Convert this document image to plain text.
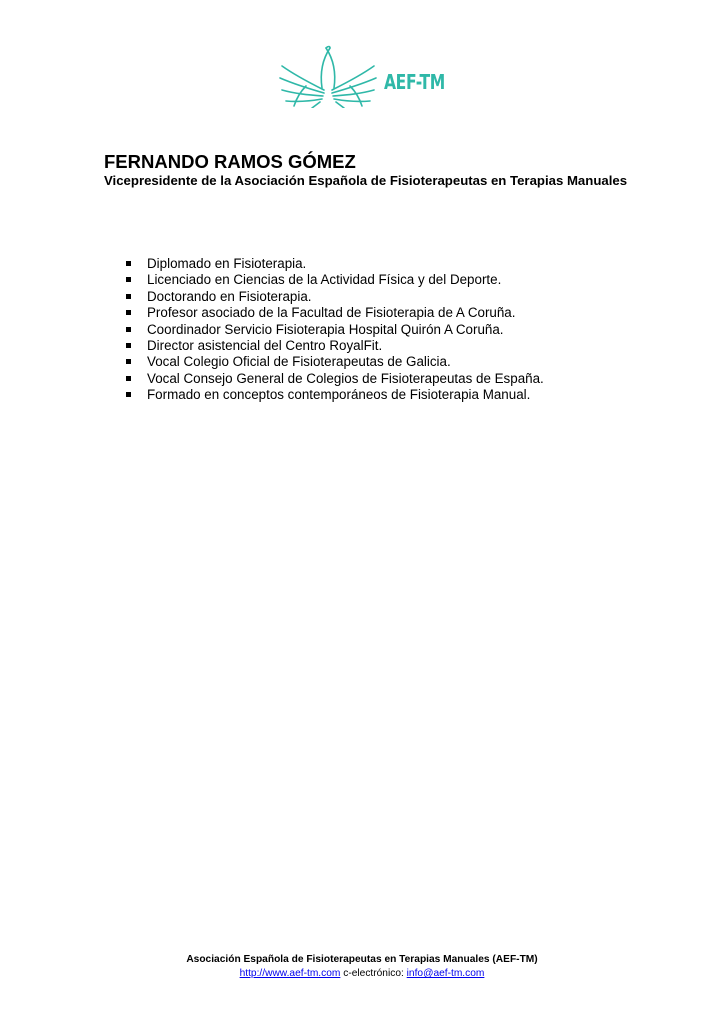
AEF-TM
FERNANDO RAMOS GÓMEZ

Vicepresidente de la Asociación Española de Fisioterapeutas en Terapias Manuales

Diplomado en Fisioterapia.
Licenciado en Ciencias de la Actividad Física y del Deporte.
Doctorando en Fisioterapia.
Profesor asociado de la Facultad de Fisioterapia de A Coruña.
Coordinador Servicio Fisioterapia Hospital Quirón A Coruña.
Director asistencial del Centro RoyalFit.
Vocal Colegio Oficial de Fisioterapeutas de Galicia.
Vocal Consejo General de Colegios de Fisioterapeutas de España.
Formado en conceptos contemporáneos de Fisioterapia Manual.
Asociación Española de Fisioterapeutas en Terapias Manuales (AEF-TM)
http://www.aef-tm.com c-electrónico: info@aef-tm.com
